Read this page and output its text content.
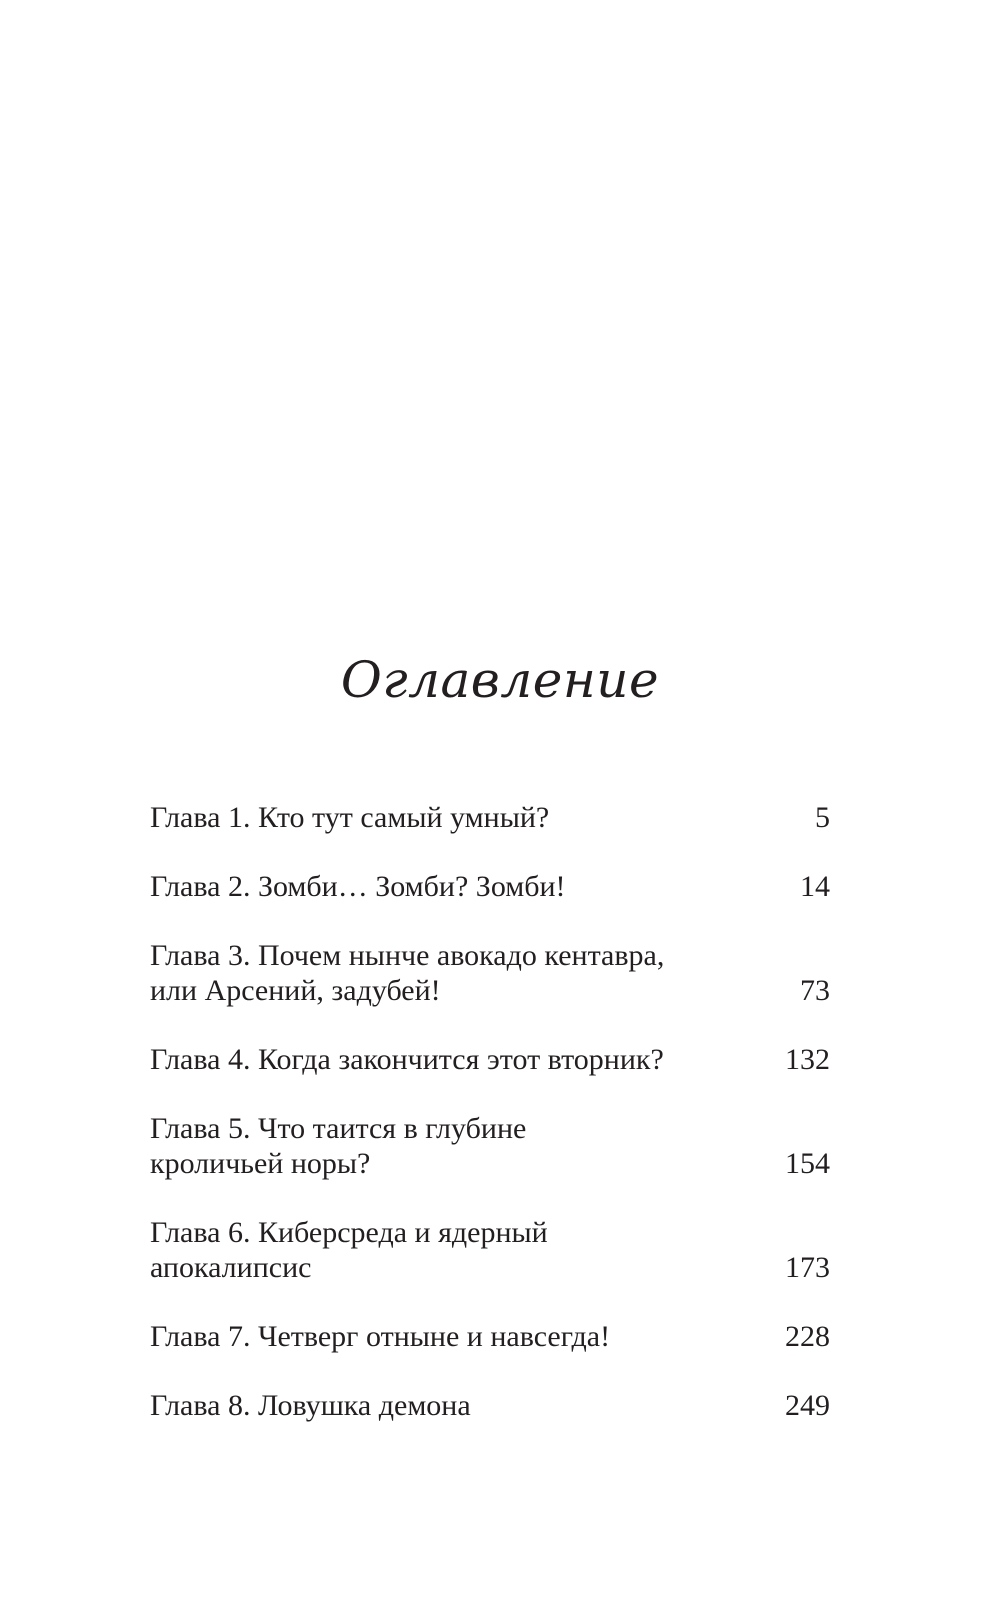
Оглавление
Глава 1. Кто тут самый умный?	5
Глава 2. Зомби… Зомби? Зомби!	14
Глава 3. Почем нынче авокадо кентавра,
или Арсений, задубей!	73
Глава 4. Когда закончится этот вторник?	132
Глава 5. Что таится в глубине
кроличьей норы?	154
Глава 6. Киберсреда и ядерный
апокалипсис	173
Глава 7. Четверг отныне и навсегда!	228
Глава 8. Ловушка демона	249
